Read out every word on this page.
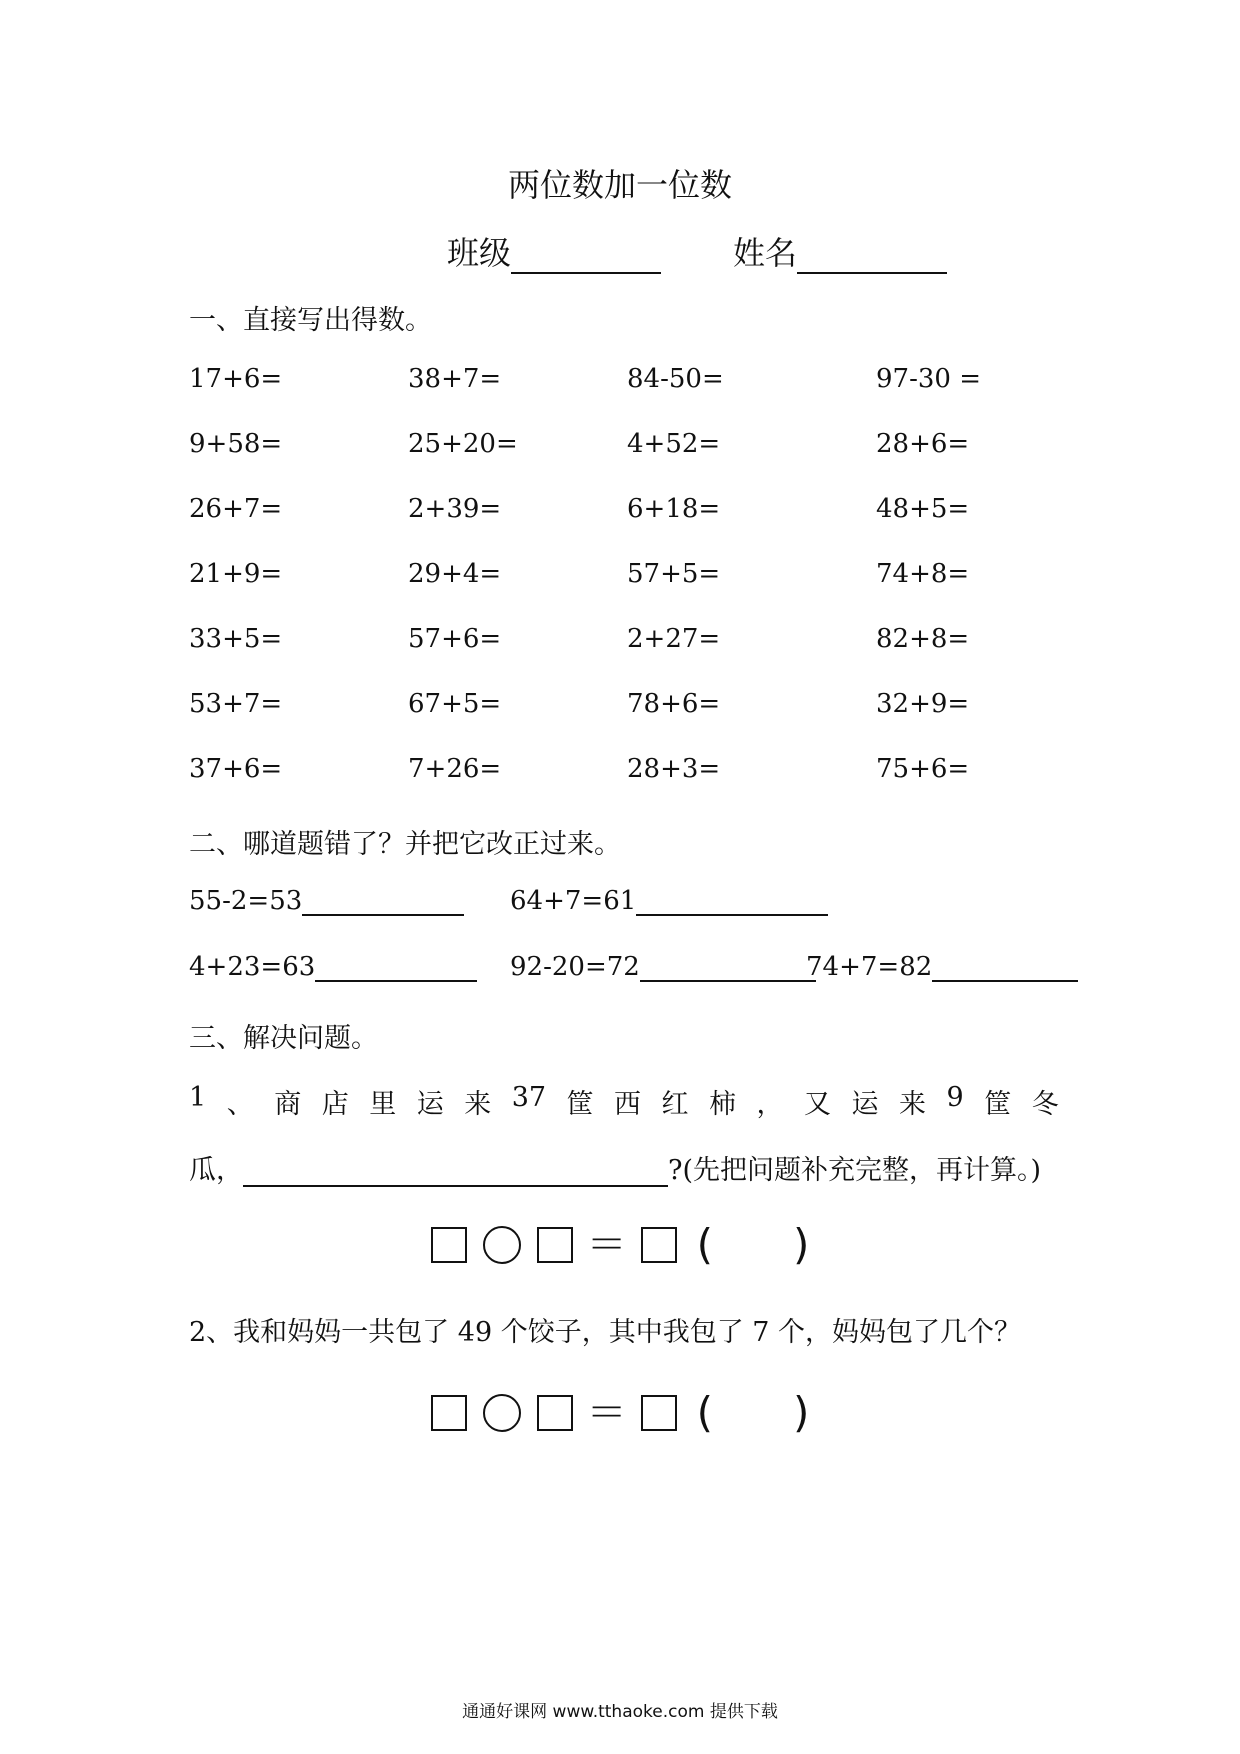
两位数加一位数
班级	姓名
一、直接写出得数。
17+6=	38+7=	84-50=	97-30 =
9+58=	25+20=	4+52=	28+6=
26+7=	2+39=	6+18=	48+5=
21+9=	29+4=	57+5=	74+8=
33+5=	57+6=	2+27=	82+8=
53+7=	67+5=	78+6=	32+9=
37+6=	7+26=	28+3=	75+6=
二、哪道题错了？并把它改正过来。
55-2=53	64+7=61
4+23=63	92-20=72	74+7=82
三、解决问题。
1 、 商 店 里 运 来 37 筐 西 红 柿 ， 又 运 来 9 筐 冬
瓜，	?(先把问题补充完整，再计算。)
＝ ( )
2、我和妈妈一共包了 49 个饺子，其中我包了 7 个，妈妈包了几个？
＝ ( )
通通好课网 www.tthaoke.com 提供下载
